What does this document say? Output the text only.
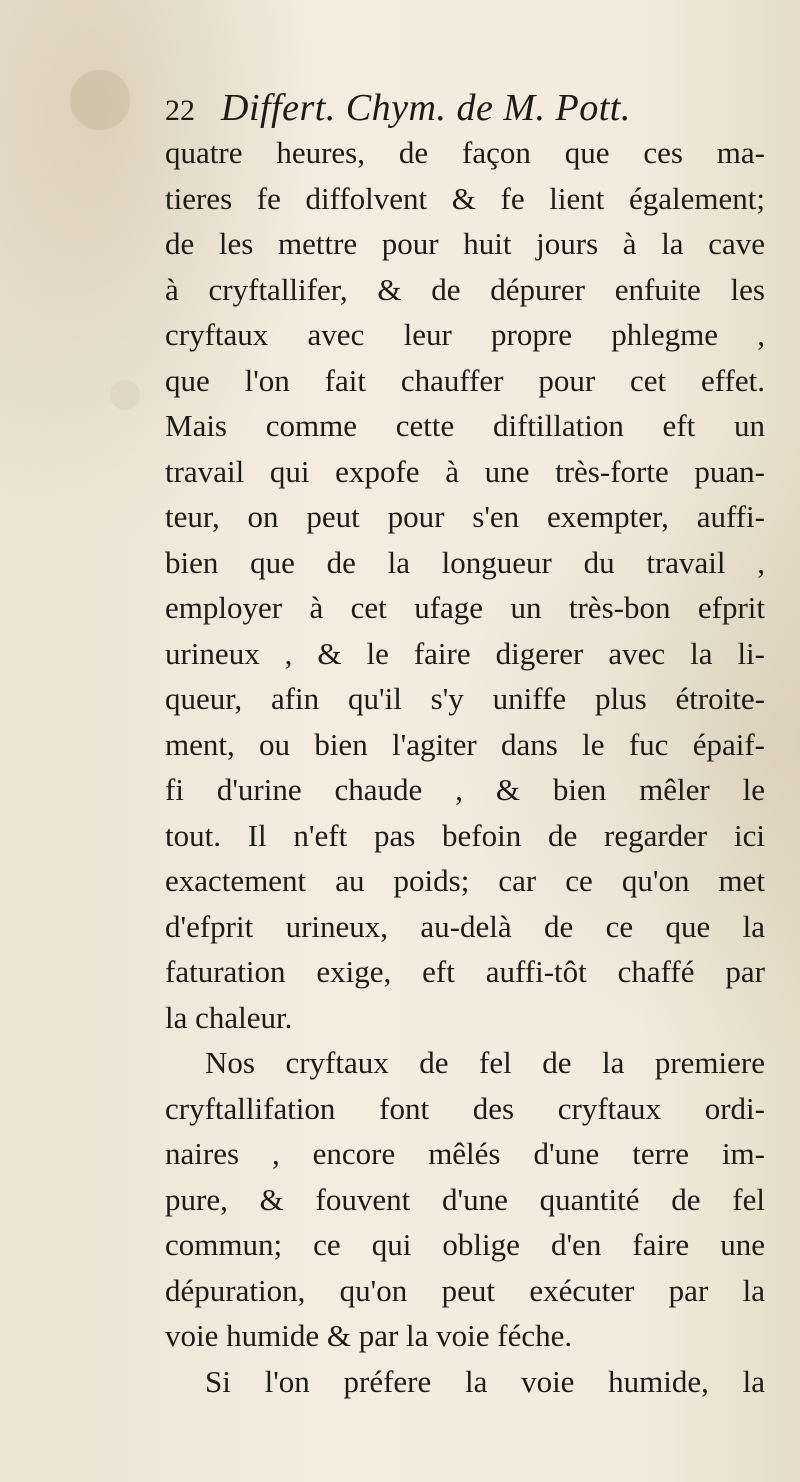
22 Differt. Chym. de M. Pott.
quatre heures, de façon que ces ma-
tieres fe diffolvent & fe lient également;
de les mettre pour huit jours à la cave
à cryftallifer, & de dépurer enfuite les
cryftaux avec leur propre phlegme ,
que l'on fait chauffer pour cet effet.
Mais comme cette diftillation eft un
travail qui expofe à une très-forte puan-
teur, on peut pour s'en exempter, auffi-
bien que de la longueur du travail ,
employer à cet ufage un très-bon efprit
urineux , & le faire digerer avec la li-
queur, afin qu'il s'y uniffe plus étroite-
ment, ou bien l'agiter dans le fuc épaif-
fi d'urine chaude , & bien mêler le
tout. Il n'eft pas befoin de regarder ici
exactement au poids; car ce qu'on met
d'efprit urineux, au-delà de ce que la
faturation exige, eft auffi-tôt chaffé par
la chaleur.
Nos cryftaux de fel de la premiere
cryftallifation font des cryftaux ordi-
naires , encore mêlés d'une terre im-
pure, & fouvent d'une quantité de fel
commun; ce qui oblige d'en faire une
dépuration, qu'on peut exécuter par la
voie humide & par la voie féche.
Si l'on préfere la voie humide, la
